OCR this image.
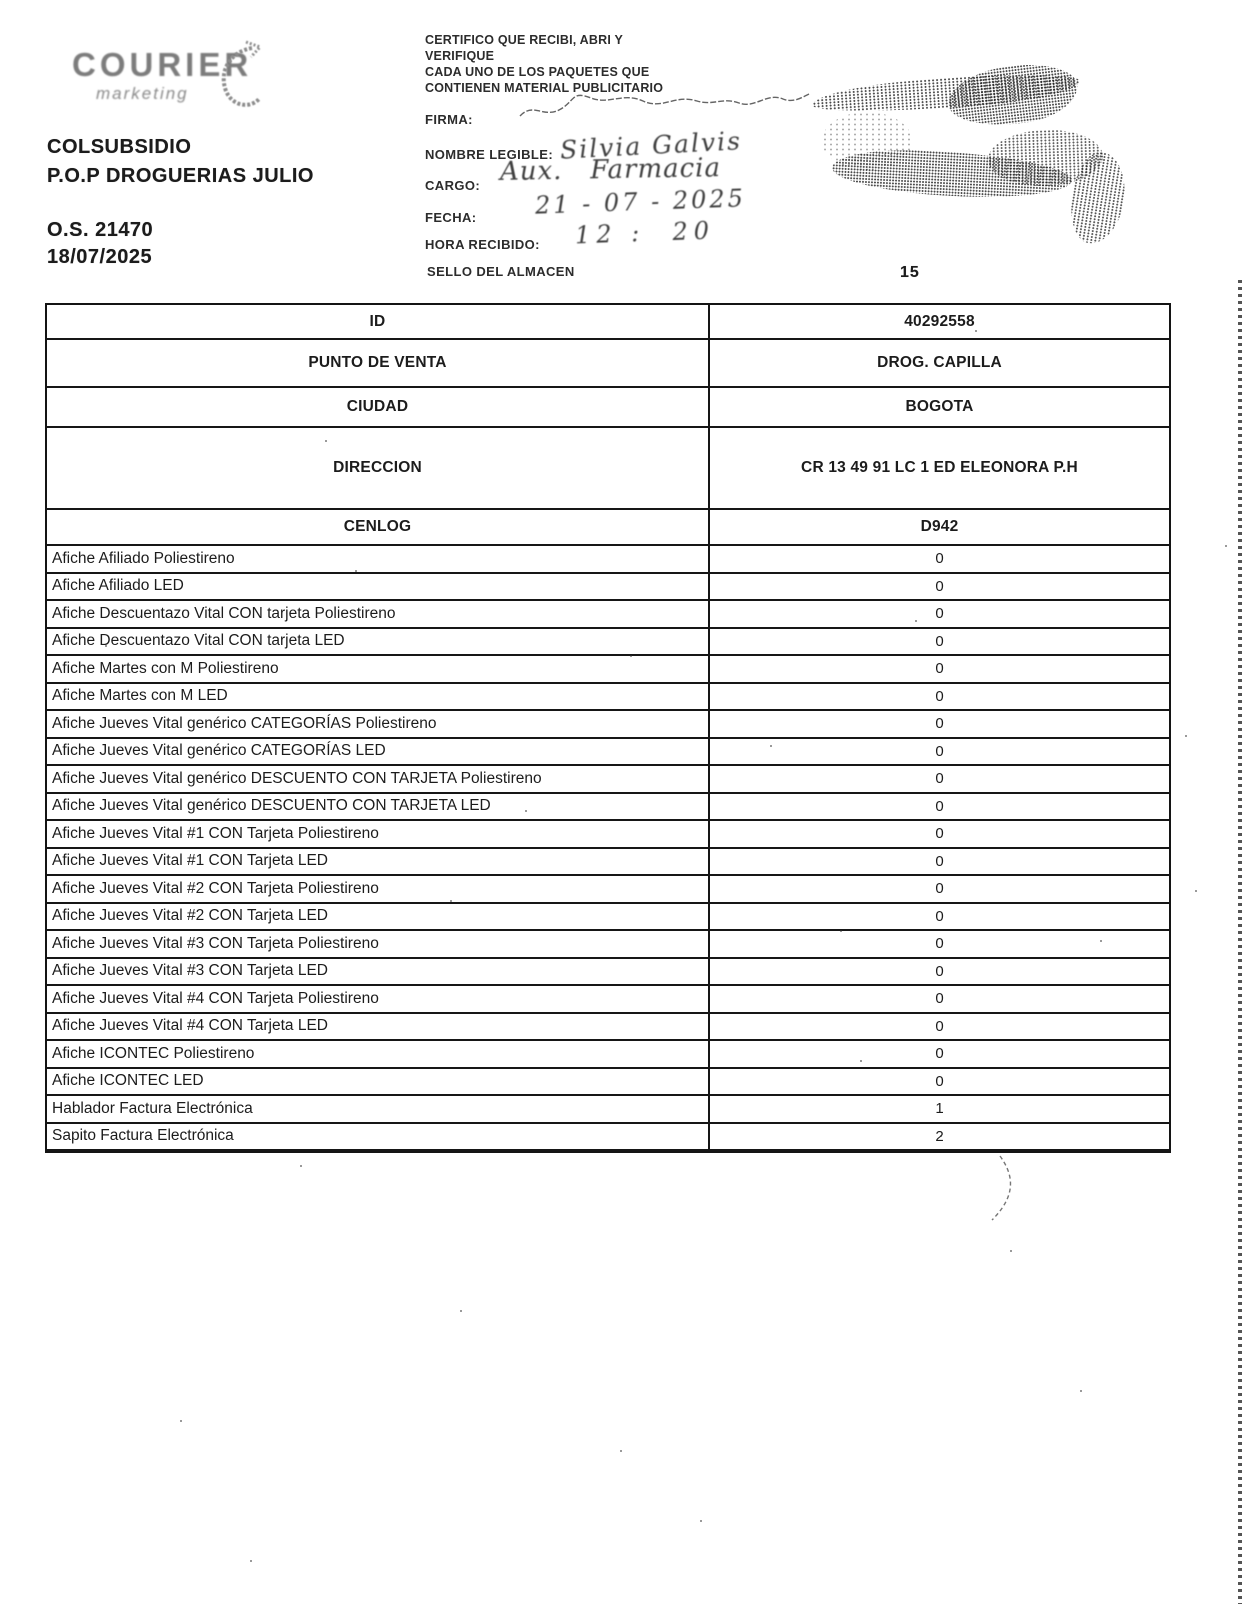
COURIER
marketing
COLSUBSIDIO
P.O.P DROGUERIAS JULIO
O.S. 21470
18/07/2025
CERTIFICO QUE RECIBI, ABRI Y
VERIFIQUE
CADA UNO DE LOS PAQUETES QUE
CONTIENEN MATERIAL PUBLICITARIO
FIRMA:
NOMBRE LEGIBLE:
CARGO:
FECHA:
HORA RECIBIDO:
SELLO DEL ALMACEN
Silvia Galvis
Aux.   Farmacia
21 - 07 - 2025
12 :  20
15
ID	40292558
PUNTO DE VENTA	DROG. CAPILLA
CIUDAD	BOGOTA
DIRECCION	CR 13 49 91 LC 1 ED ELEONORA P.H
CENLOG	D942
Afiche Afiliado Poliestireno	0
Afiche Afiliado LED	0
Afiche Descuentazo Vital CON tarjeta Poliestireno	0
Afiche Descuentazo Vital CON tarjeta LED	0
Afiche Martes con M Poliestireno	0
Afiche Martes con M LED	0
Afiche Jueves Vital genérico CATEGORÍAS Poliestireno	0
Afiche Jueves Vital genérico CATEGORÍAS LED	0
Afiche Jueves Vital genérico DESCUENTO CON TARJETA Poliestireno	0
Afiche Jueves Vital genérico DESCUENTO CON TARJETA LED	0
Afiche Jueves Vital #1 CON Tarjeta Poliestireno	0
Afiche Jueves Vital #1 CON Tarjeta LED	0
Afiche Jueves Vital #2 CON Tarjeta Poliestireno	0
Afiche Jueves Vital #2 CON Tarjeta LED	0
Afiche Jueves Vital #3 CON Tarjeta Poliestireno	0
Afiche Jueves Vital #3 CON Tarjeta LED	0
Afiche Jueves Vital #4 CON Tarjeta Poliestireno	0
Afiche Jueves Vital #4 CON Tarjeta LED	0
Afiche ICONTEC Poliestireno	0
Afiche ICONTEC LED	0
Hablador Factura Electrónica	1
Sapito Factura Electrónica	2
